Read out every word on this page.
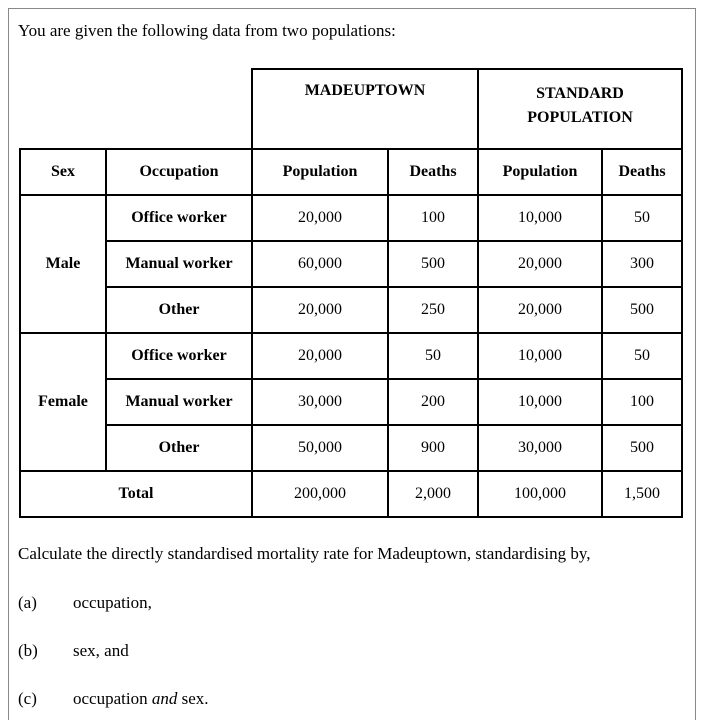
You are given the following data from two populations:
		MADEUPTOWN		STANDARD
POPULATION	
Sex	Occupation	Population	Deaths	Population	Deaths
Male	Office worker	20,000	100	10,000	50
	Manual worker	60,000	500	20,000	300
	Other	20,000	250	20,000	500
Female	Office worker	20,000	50	10,000	50
	Manual worker	30,000	200	10,000	100
	Other	50,000	900	30,000	500
Total		200,000	2,000	100,000	1,500
Calculate the directly standardised mortality rate for Madeuptown, standardising by,
(a) occupation,
(b) sex, and
(c) occupation and sex.
